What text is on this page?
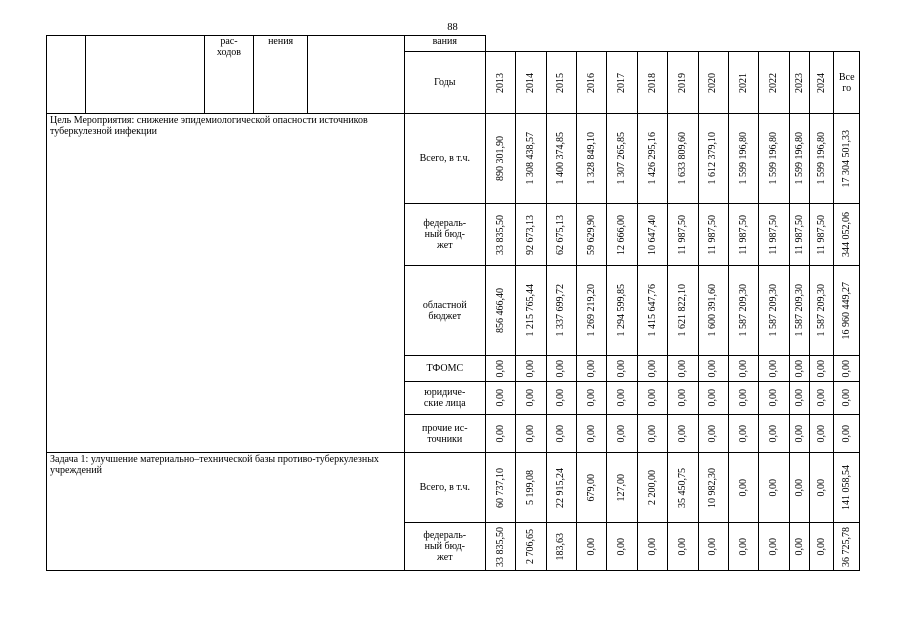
88
		рас-
ходов	нения		вания													
					Годы	2013	2014	2015	2016	2017	2018	2019	2020	2021	2022	2023	2024	Все
го
Цель Мероприятия: снижение эпидемиологической опасности источников туберкулезной инфекции					Всего, в т.ч.	890 301,90	1 308 438,57	1 400 374,85	1 328 849,10	1 307 265,85	1 426 295,16	1 633 809,60	1 612 379,10	1 599 196,80	1 599 196,80	1 599 196,80	1 599 196,80	17 304 501,33

					федераль-
ный бюд-
жет	33 835,50	92 673,13	62 675,13	59 629,90	12 666,00	10 647,40	11 987,50	11 987,50	11 987,50	11 987,50	11 987,50	11 987,50	344 052,06

					областной
бюджет	856 466,40	1 215 765,44	1 337 699,72	1 269 219,20	1 294 599,85	1 415 647,76	1 621 822,10	1 600 391,60	1 587 209,30	1 587 209,30	1 587 209,30	1 587 209,30	16 960 449,27

					ТФОМС	0,00	0,00	0,00	0,00	0,00	0,00	0,00	0,00	0,00	0,00	0,00	0,00	0,00

					юридиче-
ские лица	0,00	0,00	0,00	0,00	0,00	0,00	0,00	0,00	0,00	0,00	0,00	0,00	0,00

					прочие ис-
точники	0,00	0,00	0,00	0,00	0,00	0,00	0,00	0,00	0,00	0,00	0,00	0,00	0,00

Задача 1: улучшение материально–технической базы противо-туберкулезных учреждений					Всего, в т.ч.	60 737,10	5 199,08	22 915,24	679,00	127,00	2 200,00	35 450,75	10 982,30	0,00	0,00	0,00	0,00	141 058,54

					федераль-
ный бюд-
жет	33 835,50	2 706,65	183,63	0,00	0,00	0,00	0,00	0,00	0,00	0,00	0,00	0,00	36 725,78
